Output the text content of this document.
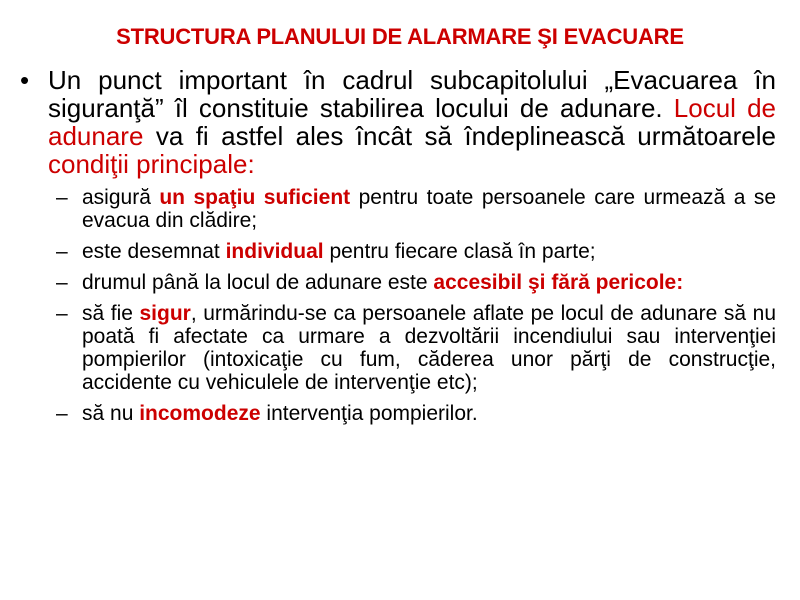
STRUCTURA PLANULUI DE ALARMARE ŞI EVACUARE
• Un punct important în cadrul subcapitolului „Evacuarea în siguranţă” îl constituie stabilirea locului de adunare. Locul de adunare va fi astfel ales încât să îndeplinească următoarele condiţii principale:
– asigură un spaţiu suficient pentru toate persoanele care urmează a se evacua din clădire;
– este desemnat individual pentru fiecare clasă în parte;
– drumul până la locul de adunare este accesibil şi fără pericole:
– să fie sigur, urmărindu-se ca persoanele aflate pe locul de adunare să nu poată fi afectate ca urmare a dezvoltării incendiului sau intervenţiei pompierilor (intoxicaţie cu fum, căderea unor părţi de construcţie, accidente cu vehiculele de intervenţie etc);
– să nu incomodeze intervenţia pompierilor.
